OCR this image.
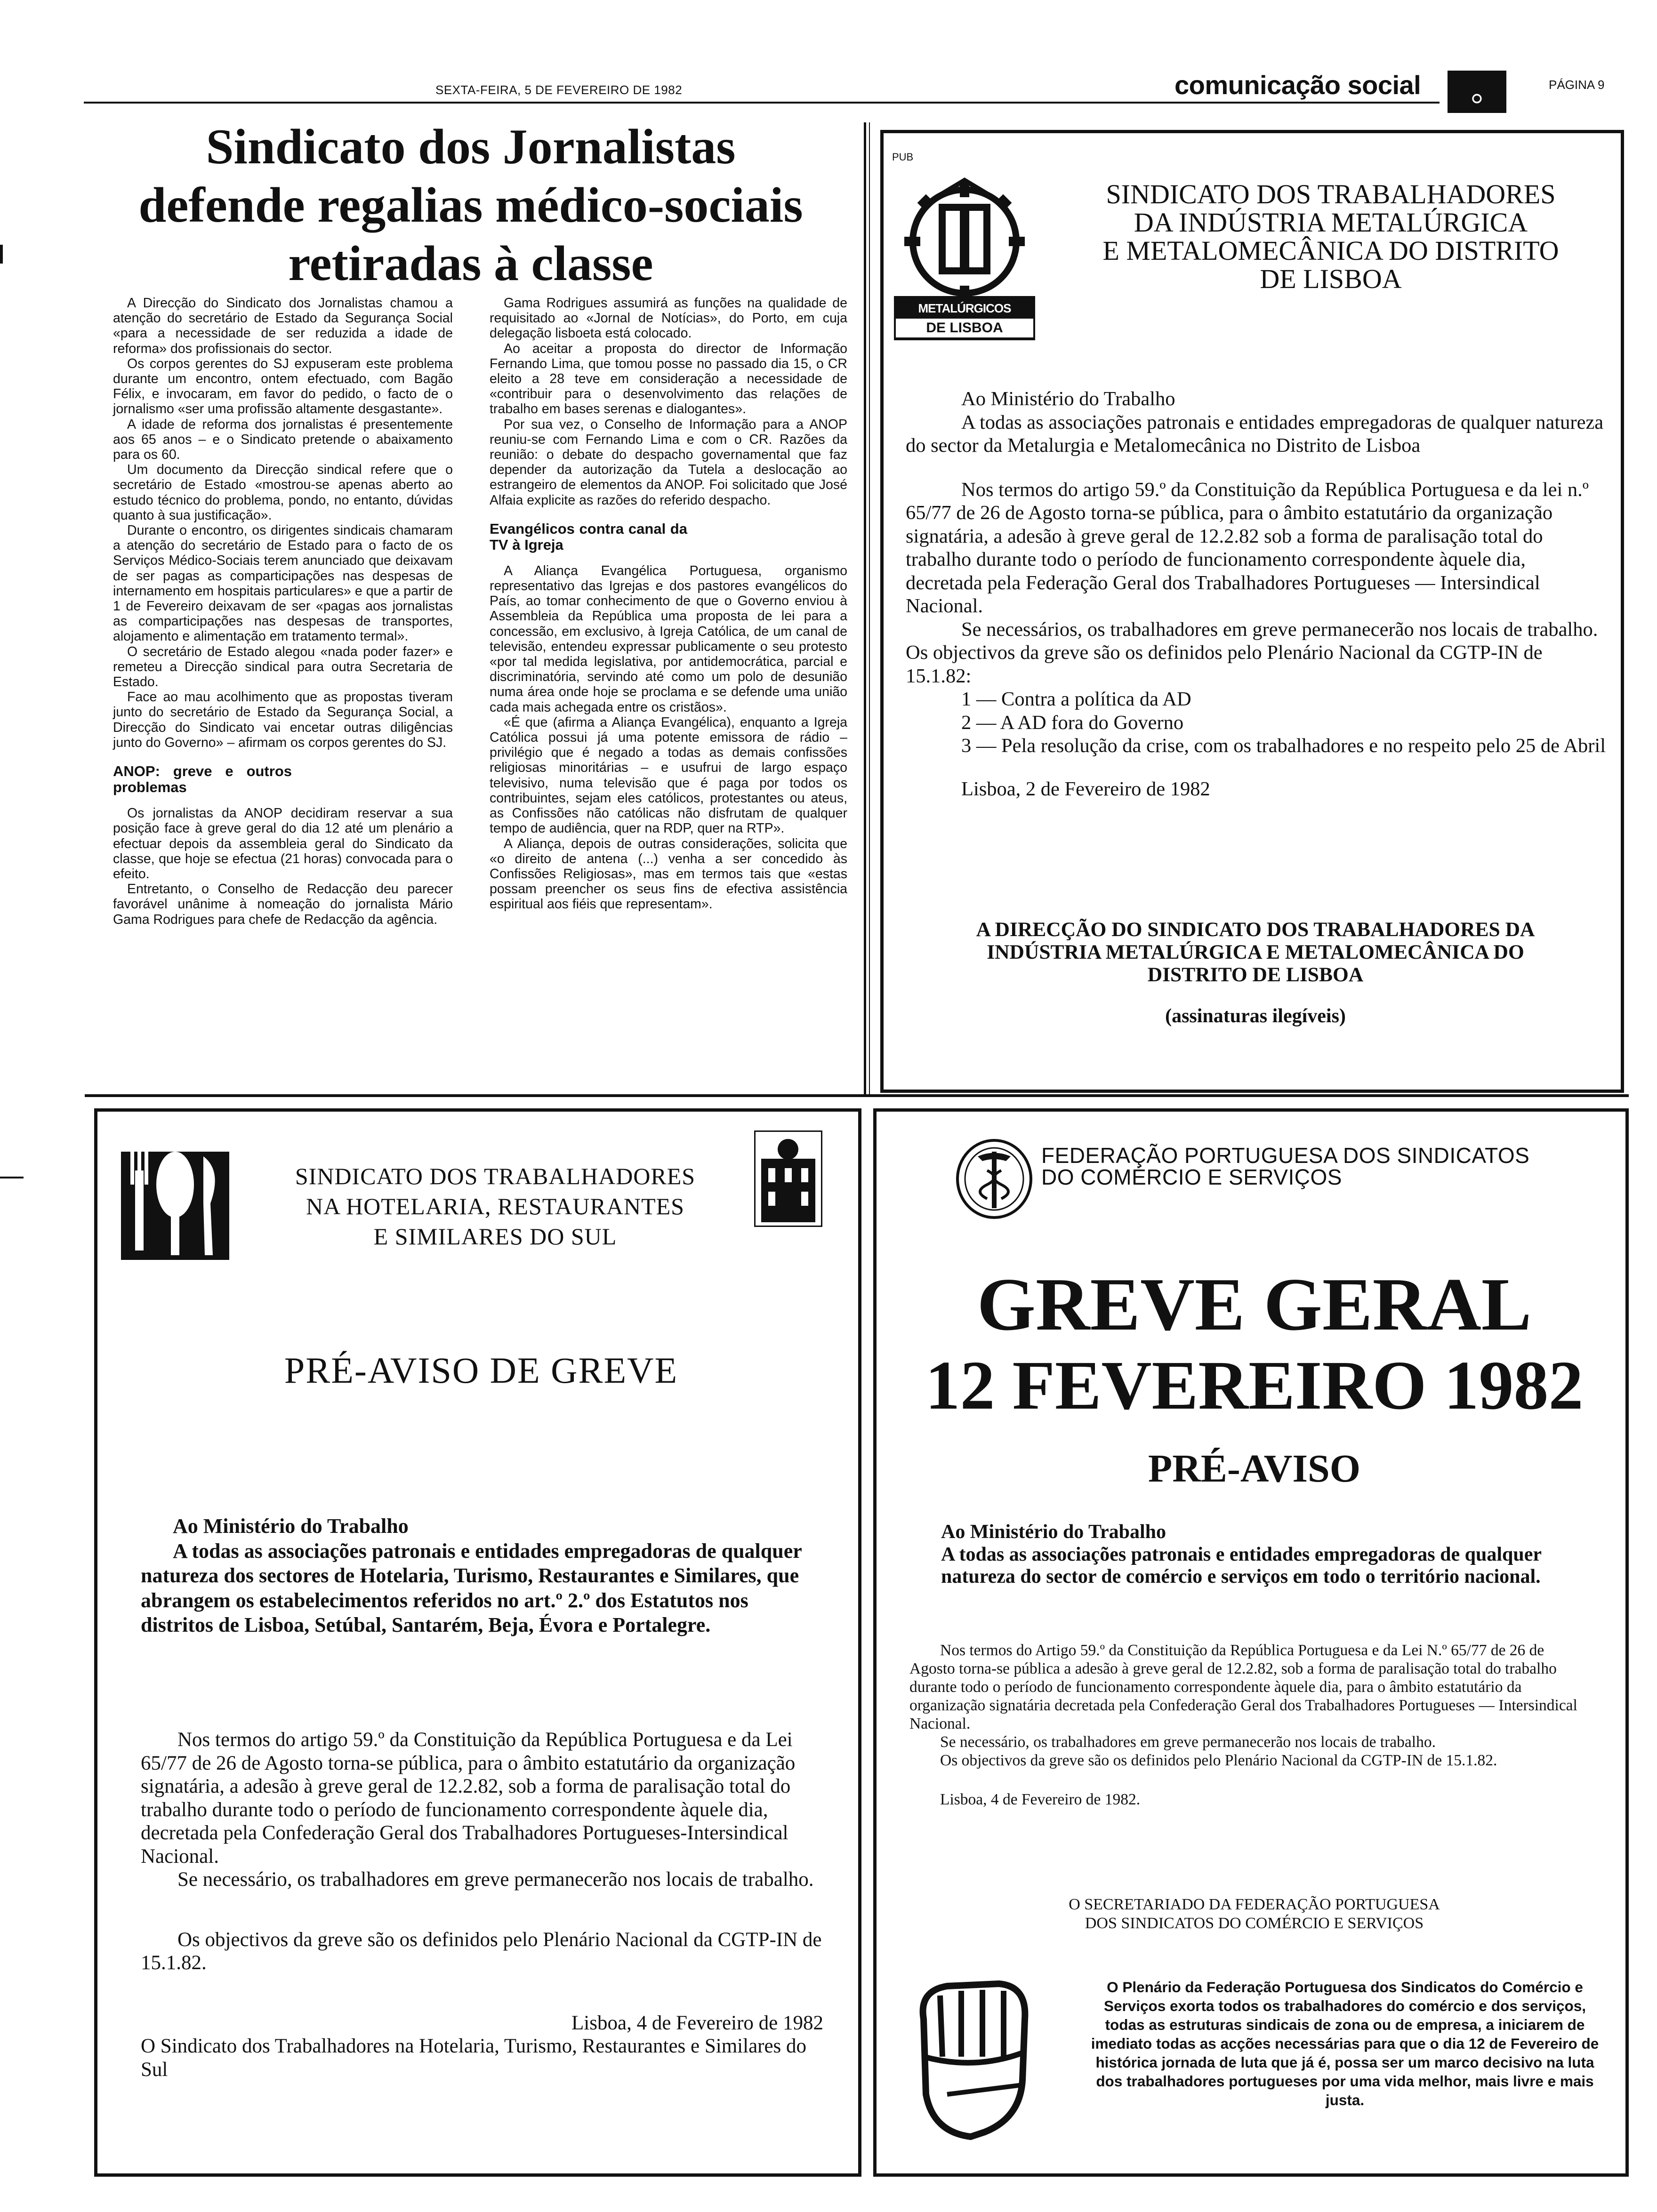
SEXTA-FEIRA, 5 DE FEVEREIRO DE 1982	comunicação social	ߋ	PÁGINA 9
Sindicato dos Jornalistas
defende regalias médico-sociais
retiradas à classe

A Direcção do Sindicato dos Jornalistas chamou a atenção do secretário de Estado da Segurança Social «para a necessidade de ser reduzida a idade de reforma» dos profissionais do sector.

Os corpos gerentes do SJ expuseram este problema durante um encontro, ontem efectuado, com Bagão Félix, e invocaram, em favor do pedido, o facto de o jornalismo «ser uma profissão altamente desgastante».

A idade de reforma dos jornalistas é presentemente aos 65 anos – e o Sindicato pretende o abaixamento para os 60.

Um documento da Direcção sindical refere que o secretário de Estado «mostrou-se apenas aberto ao estudo técnico do problema, pondo, no entanto, dúvidas quanto à sua justificação».

Durante o encontro, os dirigentes sindicais chamaram a atenção do secretário de Estado para o facto de os Serviços Médico-Sociais terem anunciado que deixavam de ser pagas as comparticipações nas despesas de internamento em hospitais particulares» e que a partir de 1 de Fevereiro deixavam de ser «pagas aos jornalistas as comparticipações nas despesas de transportes, alojamento e alimentação em tratamento termal».

O secretário de Estado alegou «nada poder fazer» e remeteu a Direcção sindical para outra Secretaria de Estado.

Face ao mau acolhimento que as propostas tiveram junto do secretário de Estado da Segurança Social, a Direcção do Sindicato vai encetar outras diligências junto do Governo» – afirmam os corpos gerentes do SJ.

ANOP: greve e outros problemas

Os jornalistas da ANOP decidiram reservar a sua posição face à greve geral do dia 12 até um plenário a efectuar depois da assembleia geral do Sindicato da classe, que hoje se efectua (21 horas) convocada para o efeito.

Entretanto, o Conselho de Redacção deu parecer favorável unânime à nomeação do jornalista Mário Gama Rodrigues para chefe de Redacção da agência.

Gama Rodrigues assumirá as funções na qualidade de requisitado ao «Jornal de Notícias», do Porto, em cuja delegação lisboeta está colocado.

Ao aceitar a proposta do director de Informação Fernando Lima, que tomou posse no passado dia 15, o CR eleito a 28 teve em consideração a necessidade de «contribuir para o desenvolvimento das relações de trabalho em bases serenas e dialogantes».

Por sua vez, o Conselho de Informação para a ANOP reuniu-se com Fernando Lima e com o CR. Razões da reunião: o debate do despacho governamental que faz depender da autorização da Tutela a deslocação ao estrangeiro de elementos da ANOP. Foi solicitado que José Alfaia explicite as razões do referido despacho.

Evangélicos contra canal da TV à Igreja

A Aliança Evangélica Portuguesa, organismo representativo das Igrejas e dos pastores evangélicos do País, ao tomar conhecimento de que o Governo enviou à Assembleia da República uma proposta de lei para a concessão, em exclusivo, à Igreja Católica, de um canal de televisão, entendeu expressar publicamente o seu protesto «por tal medida legislativa, por antidemocrática, parcial e discriminatória, servindo até como um polo de desunião numa área onde hoje se proclama e se defende uma união cada mais achegada entre os cristãos».

«É que (afirma a Aliança Evangélica), enquanto a Igreja Católica possui já uma potente emissora de rádio – privilégio que é negado a todas as demais confissões religiosas minoritárias – e usufrui de largo espaço televisivo, numa televisão que é paga por todos os contribuintes, sejam eles católicos, protestantes ou ateus, as Confissões não católicas não disfrutam de qualquer tempo de audiência, quer na RDP, quer na RTP».

A Aliança, depois de outras considerações, solicita que «o direito de antena (...) venha a ser concedido às Confissões Religiosas», mas em termos tais que «estas possam preencher os seus fins de efectiva assistência espiritual aos fiéis que representam».

PUB
METALÚRGICOS
DE LISBOA
SINDICATO DOS TRABALHADORES
DA INDÚSTRIA METALÚRGICA
E METALOMECÂNICA DO DISTRITO
DE LISBOA
Ao Ministério do Trabalho
A todas as associações patronais e entidades empregadoras de qualquer natureza do sector da Metalurgia e Metalomecânica no Distrito de Lisboa
Nos termos do artigo 59.º da Constituição da República Portuguesa e da lei n.º 65/77 de 26 de Agosto torna-se pública, para o âmbito estatutário da organização signatária, a adesão à greve geral de 12.2.82 sob a forma de paralisação total do trabalho durante todo o período de funcionamento correspondente àquele dia, decretada pela Federação Geral dos Trabalhadores Portugueses — Intersindical Nacional.
Se necessários, os trabalhadores em greve permanecerão nos locais de trabalho. Os objectivos da greve são os definidos pelo Plenário Nacional da CGTP-IN de 15.1.82:
1 — Contra a política da AD
2 — A AD fora do Governo
3 — Pela resolução da crise, com os trabalhadores e no respeito pelo 25 de Abril
Lisboa, 2 de Fevereiro de 1982
A DIRECÇÃO DO SINDICATO DOS TRABALHADORES DA
INDÚSTRIA METALÚRGICA E METALOMECÂNICA DO
DISTRITO DE LISBOA
(assinaturas ilegíveis)
SINDICATO DOS TRABALHADORES
NA HOTELARIA, RESTAURANTES
E SIMILARES DO SUL
PRÉ-AVISO DE GREVE
Ao Ministério do Trabalho
A todas as associações patronais e entidades empregadoras de qualquer natureza dos sectores de Hotelaria, Turismo, Restaurantes e Similares, que abrangem os estabelecimentos referidos no art.º 2.º dos Estatutos nos distritos de Lisboa, Setúbal, Santarém, Beja, Évora e Portalegre.
Nos termos do artigo 59.º da Constituição da República Portuguesa e da Lei 65/77 de 26 de Agosto torna-se pública, para o âmbito estatutário da organização signatária, a adesão à greve geral de 12.2.82, sob a forma de paralisação total do trabalho durante todo o período de funcionamento correspondente àquele dia, decretada pela Confederação Geral dos Trabalhadores Portugueses-Intersindical Nacional.
Se necessário, os trabalhadores em greve permanecerão nos locais de trabalho.
Os objectivos da greve são os definidos pelo Plenário Nacional da CGTP-IN de 15.1.82.
Lisboa, 4 de Fevereiro de 1982
O Sindicato dos Trabalhadores na Hotelaria, Turismo, Restaurantes e Similares do Sul
FEDERAÇÃO PORTUGUESA DOS SINDICATOS
DO COMÉRCIO E SERVIÇOS
GREVE GERAL
12 FEVEREIRO 1982
PRÉ-AVISO
Ao Ministério do Trabalho
A todas as associações patronais e entidades empregadoras de qualquer natureza do sector de comércio e serviços em todo o território nacional.
Nos termos do Artigo 59.º da Constituição da República Portuguesa e da Lei N.º 65/77 de 26 de Agosto torna-se pública a adesão à greve geral de 12.2.82, sob a forma de paralisação total do trabalho durante todo o período de funcionamento correspondente àquele dia, para o âmbito estatutário da organização signatária decretada pela Confederação Geral dos Trabalhadores Portugueses — Intersindical Nacional.
Se necessário, os trabalhadores em greve permanecerão nos locais de trabalho.
Os objectivos da greve são os definidos pelo Plenário Nacional da CGTP-IN de 15.1.82.
Lisboa, 4 de Fevereiro de 1982.
O SECRETARIADO DA FEDERAÇÃO PORTUGUESA
DOS SINDICATOS DO COMÉRCIO E SERVIÇOS
O Plenário da Federação Portuguesa dos Sindicatos do Comércio e Serviços exorta todos os trabalhadores do comércio e dos serviços, todas as estruturas sindicais de zona ou de empresa, a iniciarem de imediato todas as acções necessárias para que o dia 12 de Fevereiro de histórica jornada de luta que já é, possa ser um marco decisivo na luta dos trabalhadores portugueses por uma vida melhor, mais livre e mais justa.
